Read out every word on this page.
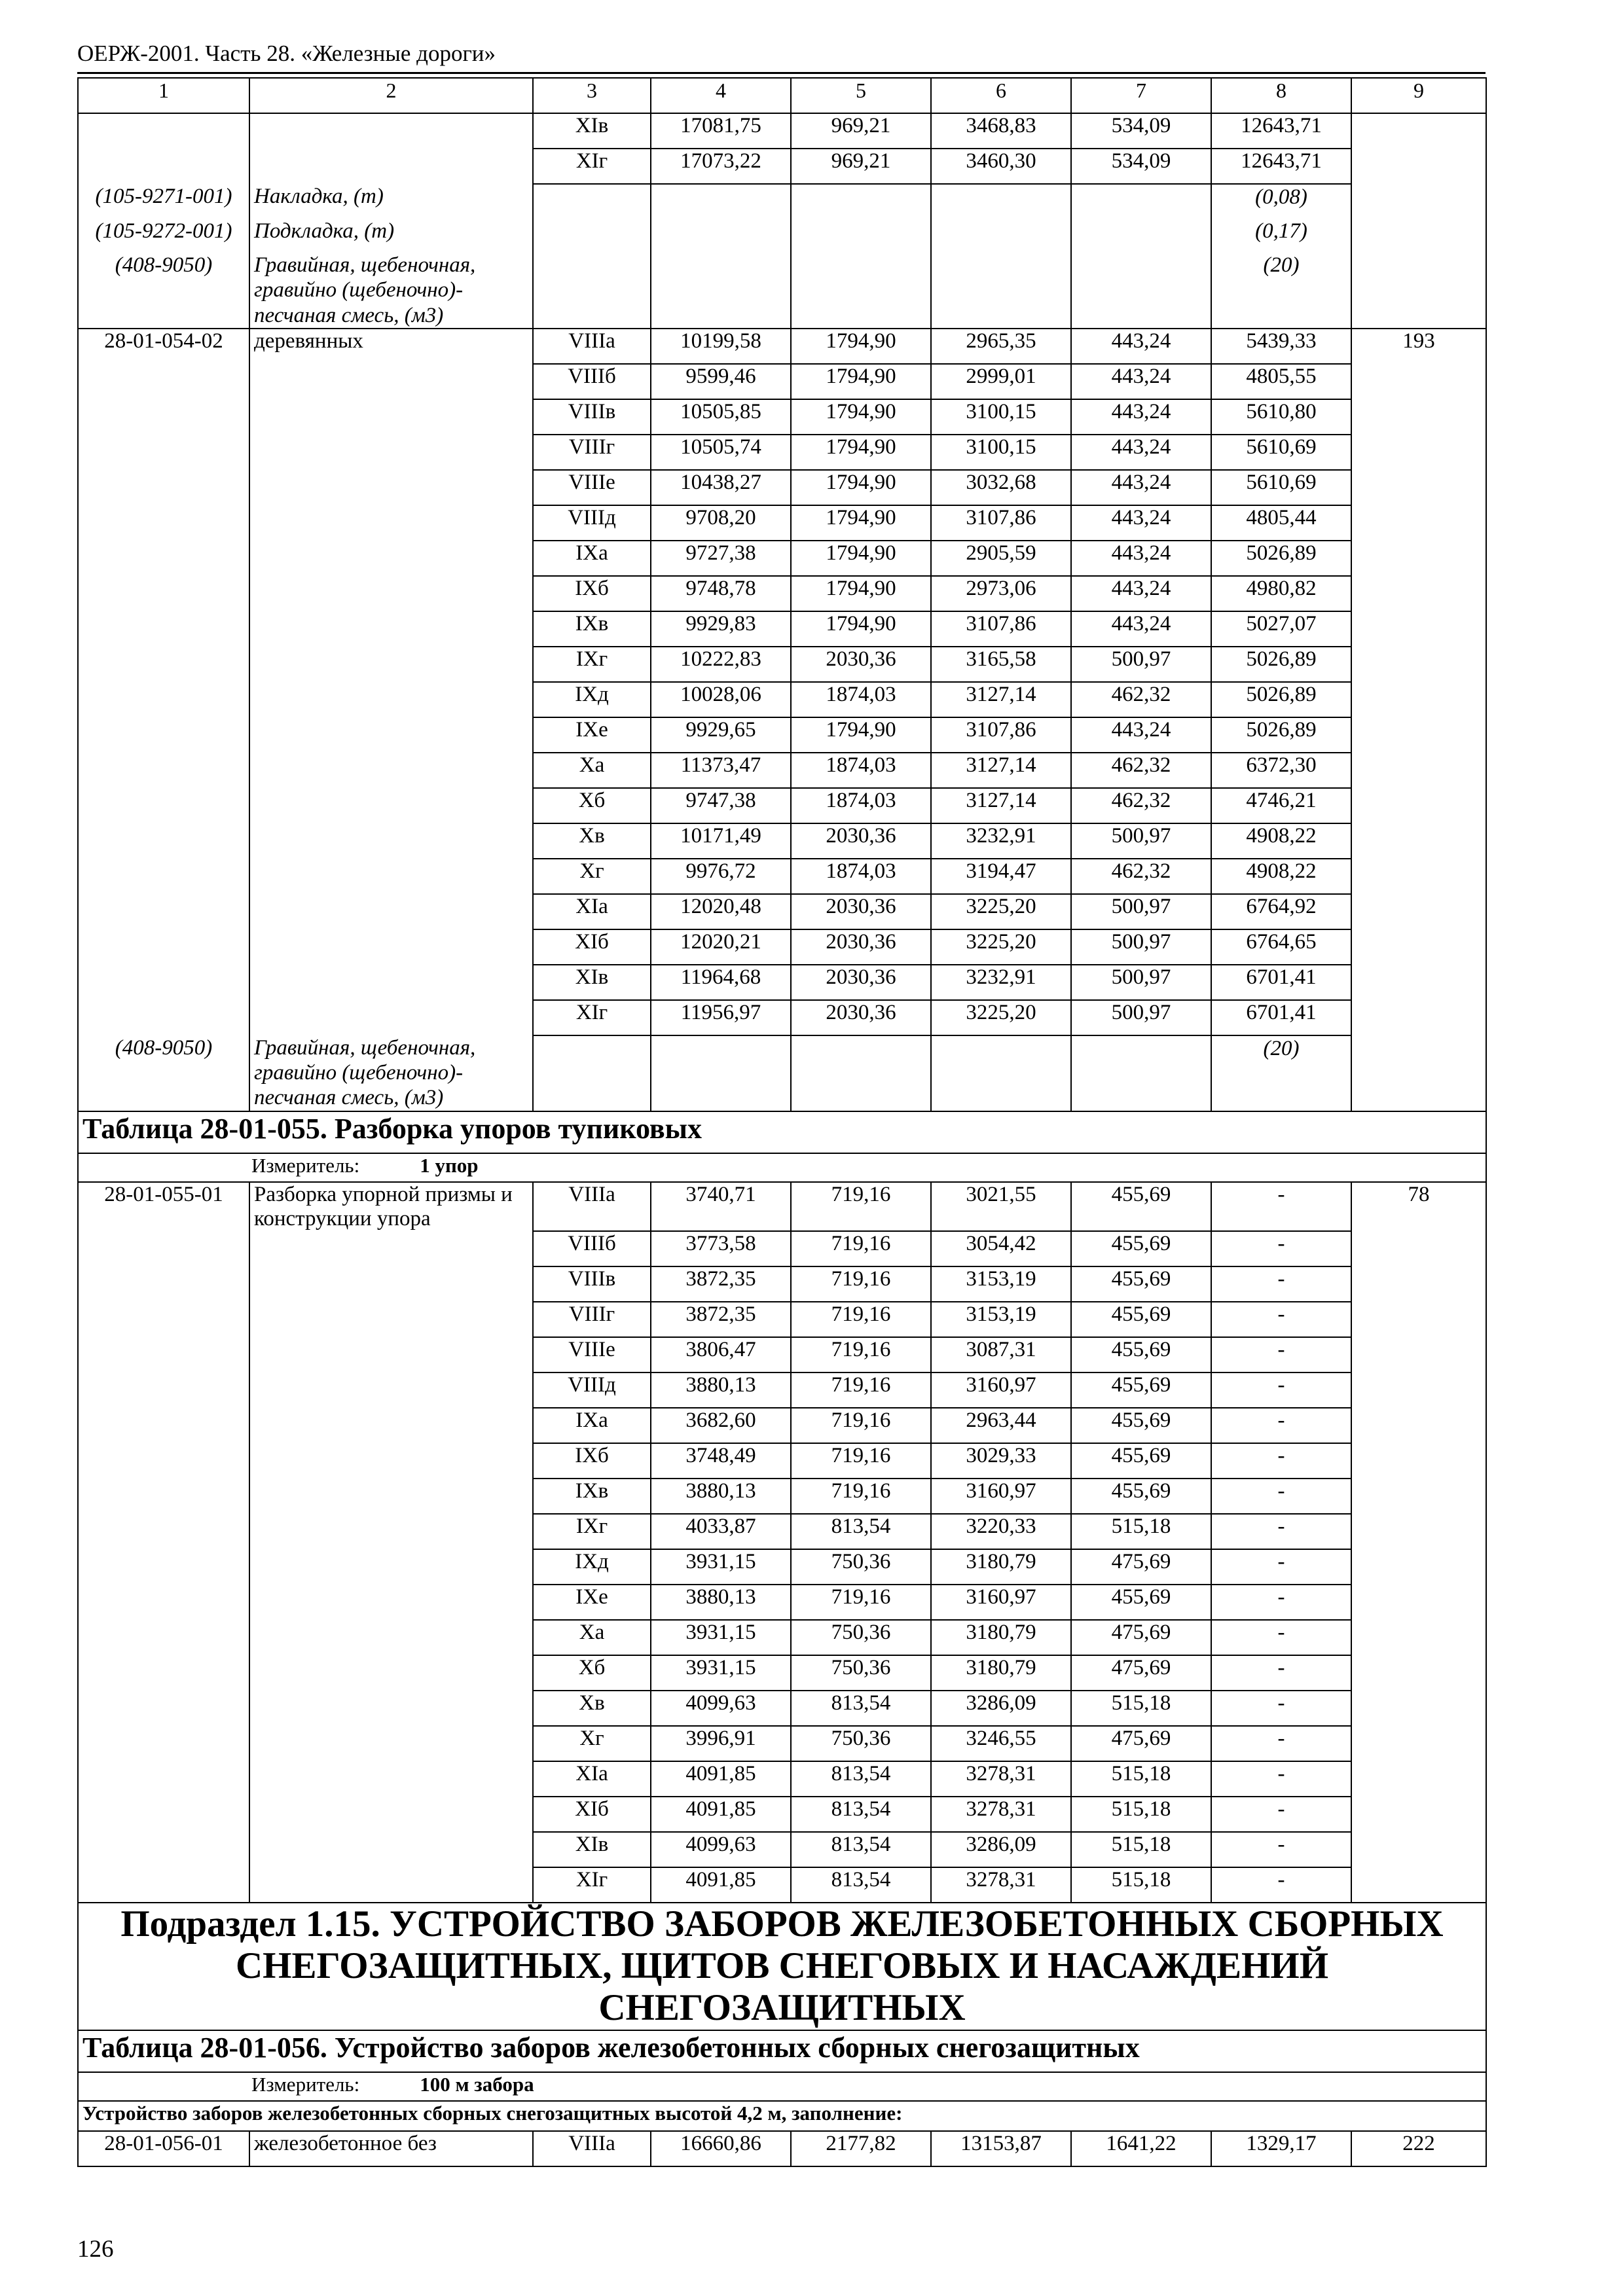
ОЕРЖ-2001. Часть 28. «Железные дороги»
1	2	3	4	5	6	7	8	9
		XIв	17081,75	969,21	3468,83	534,09	12643,71	
		XIг	17073,22	969,21	3460,30	534,09	12643,71	
(105-9271-001)	Накладка, (т)						(0,08)	
(105-9272-001)	Подкладка, (т)						(0,17)	
(408-9050)	Гравийная, щебеночная, гравийно (щебеночно)-песчаная смесь, (м3)						(20)	
28-01-054-02	деревянных	VIIIа	10199,58	1794,90	2965,35	443,24	5439,33	193
		VIIIб	9599,46	1794,90	2999,01	443,24	4805,55	
		VIIIв	10505,85	1794,90	3100,15	443,24	5610,80	
		VIIIг	10505,74	1794,90	3100,15	443,24	5610,69	
		VIIIе	10438,27	1794,90	3032,68	443,24	5610,69	
		VIIIд	9708,20	1794,90	3107,86	443,24	4805,44	
		IXа	9727,38	1794,90	2905,59	443,24	5026,89	
		IXб	9748,78	1794,90	2973,06	443,24	4980,82	
		IXв	9929,83	1794,90	3107,86	443,24	5027,07	
		IXг	10222,83	2030,36	3165,58	500,97	5026,89	
		IXд	10028,06	1874,03	3127,14	462,32	5026,89	
		IXе	9929,65	1794,90	3107,86	443,24	5026,89	
		Xа	11373,47	1874,03	3127,14	462,32	6372,30	
		Xб	9747,38	1874,03	3127,14	462,32	4746,21	
		Xв	10171,49	2030,36	3232,91	500,97	4908,22	
		Xг	9976,72	1874,03	3194,47	462,32	4908,22	
		XIа	12020,48	2030,36	3225,20	500,97	6764,92	
		XIб	12020,21	2030,36	3225,20	500,97	6764,65	
		XIв	11964,68	2030,36	3232,91	500,97	6701,41	
		XIг	11956,97	2030,36	3225,20	500,97	6701,41	
(408-9050)	Гравийная, щебеночная, гравийно (щебеночно)-песчаная смесь, (м3)						(20)	
Таблица 28-01-055. Разборка упоров тупиковых								
Измеритель: 1 упор								
28-01-055-01	Разборка упорной призмы и конструкции упора	VIIIа	3740,71	719,16	3021,55	455,69	-	78
		VIIIб	3773,58	719,16	3054,42	455,69	-	
		VIIIв	3872,35	719,16	3153,19	455,69	-	
		VIIIг	3872,35	719,16	3153,19	455,69	-	
		VIIIе	3806,47	719,16	3087,31	455,69	-	
		VIIIд	3880,13	719,16	3160,97	455,69	-	
		IXа	3682,60	719,16	2963,44	455,69	-	
		IXб	3748,49	719,16	3029,33	455,69	-	
		IXв	3880,13	719,16	3160,97	455,69	-	
		IXг	4033,87	813,54	3220,33	515,18	-	
		IXд	3931,15	750,36	3180,79	475,69	-	
		IXе	3880,13	719,16	3160,97	455,69	-	
		Xа	3931,15	750,36	3180,79	475,69	-	
		Xб	3931,15	750,36	3180,79	475,69	-	
		Xв	4099,63	813,54	3286,09	515,18	-	
		Xг	3996,91	750,36	3246,55	475,69	-	
		XIа	4091,85	813,54	3278,31	515,18	-	
		XIб	4091,85	813,54	3278,31	515,18	-	
		XIв	4099,63	813,54	3286,09	515,18	-	
		XIг	4091,85	813,54	3278,31	515,18	-	
Подраздел 1.15. УСТРОЙСТВО ЗАБОРОВ ЖЕЛЕЗОБЕТОННЫХ СБОРНЫХ СНЕГОЗАЩИТНЫХ, ЩИТОВ СНЕГОВЫХ И НАСАЖДЕНИЙ СНЕГОЗАЩИТНЫХ								
Таблица 28-01-056. Устройство заборов железобетонных сборных снегозащитных								
Измеритель: 100 м забора								
Устройство заборов железобетонных сборных снегозащитных высотой 4,2 м, заполнение:								
28-01-056-01	железобетонное без	VIIIа	16660,86	2177,82	13153,87	1641,22	1329,17	222
126
